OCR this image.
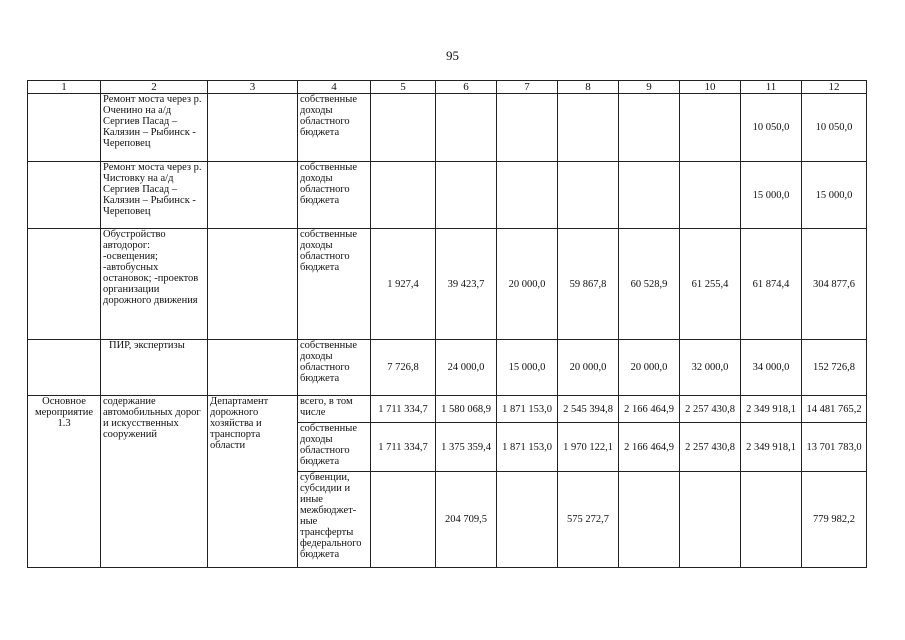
95
1	2	3	4	5	6	7	8	9	10	11	12
	Ремонт моста через р. Оченино на а/д Сергиев Пасад – Калязин – Рыбинск - Череповец		собственные доходы областного бюджета							10 050,0	10 050,0
	Ремонт моста через р. Чистовку на а/д Сергиев Пасад – Калязин – Рыбинск - Череповец		собственные доходы областного бюджета							15 000,0	15 000,0
	Обустройство автодорог: -освещения; -автобусных остановок; -проектов организации дорожного движения		собственные доходы областного бюджета	1 927,4	39 423,7	20 000,0	59 867,8	60 528,9	61 255,4	61 874,4	304 877,6
	ПИР, экспертизы		собственные доходы областного бюджета	7 726,8	24 000,0	15 000,0	20 000,0	20 000,0	32 000,0	34 000,0	152 726,8
Основное мероприятие 1.3	содержание автомобильных дорог и искусственных сооружений	Департамент дорожного хозяйства и транспорта области	всего, в том числе	1 711 334,7	1 580 068,9	1 871 153,0	2 545 394,8	2 166 464,9	2 257 430,8	2 349 918,1	14 481 765,2
			собственные доходы областного бюджета	1 711 334,7	1 375 359,4	1 871 153,0	1 970 122,1	2 166 464,9	2 257 430,8	2 349 918,1	13 701 783,0
			субвенции, субсидии и иные межбюджет- ные трансферты федерального бюджета		204 709,5		575 272,7				779 982,2
